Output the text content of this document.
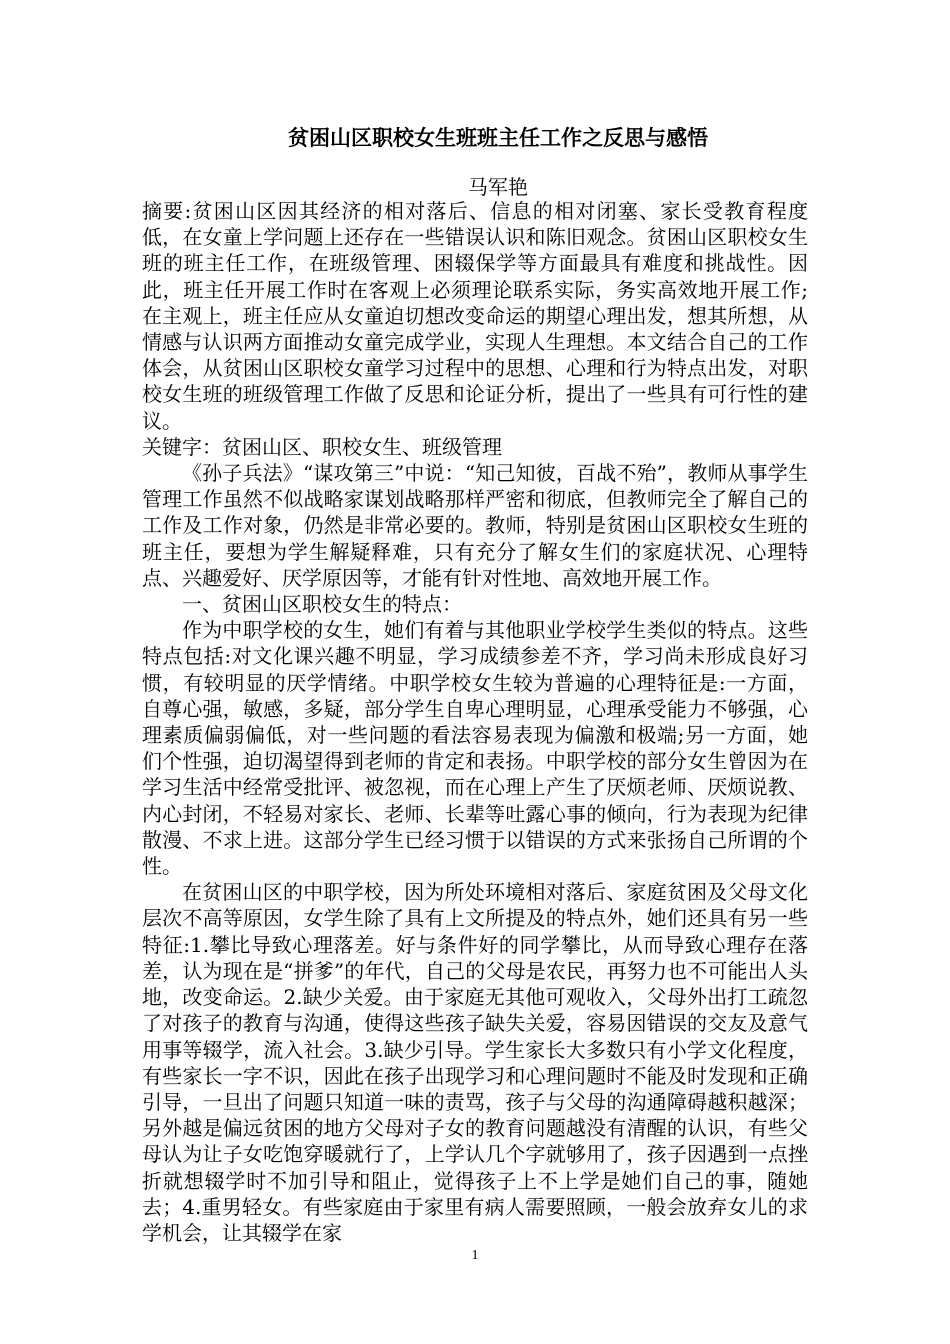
贫困山区职校女生班班主任工作之反思与感悟
马军艳

摘要:贫困山区因其经济的相对落后、信息的相对闭塞、家长受教育程度低，在女童上学问题上还存在一些错误认识和陈旧观念。贫困山区职校女生班的班主任工作，在班级管理、困辍保学等方面最具有难度和挑战性。因此，班主任开展工作时在客观上必须理论联系实际，务实高效地开展工作;在主观上，班主任应从女童迫切想改变命运的期望心理出发，想其所想，从情感与认识两方面推动女童完成学业，实现人生理想。本文结合自己的工作体会，从贫困山区职校女童学习过程中的思想、心理和行为特点出发，对职校女生班的班级管理工作做了反思和论证分析，提出了一些具有可行性的建议。

关键字：贫困山区、职校女生、班级管理

《孙子兵法》“谋攻第三”中说：“知己知彼，百战不殆”，教师从事学生管理工作虽然不似战略家谋划战略那样严密和彻底，但教师完全了解自己的工作及工作对象，仍然是非常必要的。教师，特别是贫困山区职校女生班的班主任，要想为学生解疑释难，只有充分了解女生们的家庭状况、心理特点、兴趣爱好、厌学原因等，才能有针对性地、高效地开展工作。

一、贫困山区职校女生的特点：

作为中职学校的女生，她们有着与其他职业学校学生类似的特点。这些特点包括:对文化课兴趣不明显，学习成绩参差不齐，学习尚未形成良好习惯，有较明显的厌学情绪。中职学校女生较为普遍的心理特征是:一方面，自尊心强，敏感，多疑，部分学生自卑心理明显，心理承受能力不够强，心理素质偏弱偏低，对一些问题的看法容易表现为偏激和极端;另一方面，她们个性强，迫切渴望得到老师的肯定和表扬。中职学校的部分女生曾因为在学习生活中经常受批评、被忽视，而在心理上产生了厌烦老师、厌烦说教、内心封闭，不轻易对家长、老师、长辈等吐露心事的倾向，行为表现为纪律散漫、不求上进。这部分学生已经习惯于以错误的方式来张扬自己所谓的个性。

在贫困山区的中职学校，因为所处环境相对落后、家庭贫困及父母文化层次不高等原因，女学生除了具有上文所提及的特点外，她们还具有另一些特征:1.攀比导致心理落差。好与条件好的同学攀比，从而导致心理存在落差，认为现在是“拼爹”的年代，自己的父母是农民，再努力也不可能出人头地，改变命运。2.缺少关爱。由于家庭无其他可观收入，父母外出打工疏忽了对孩子的教育与沟通，使得这些孩子缺失关爱，容易因错误的交友及意气用事等辍学，流入社会。3.缺少引导。学生家长大多数只有小学文化程度，有些家长一字不识，因此在孩子出现学习和心理问题时不能及时发现和正确引导，一旦出了问题只知道一味的责骂，孩子与父母的沟通障碍越积越深；另外越是偏远贫困的地方父母对子女的教育问题越没有清醒的认识，有些父母认为让子女吃饱穿暖就行了，上学认几个字就够用了，孩子因遇到一点挫折就想辍学时不加引导和阻止，觉得孩子上不上学是她们自己的事，随她去；4.重男轻女。有些家庭由于家里有病人需要照顾，一般会放弃女儿的求学机会，让其辍学在家

1
